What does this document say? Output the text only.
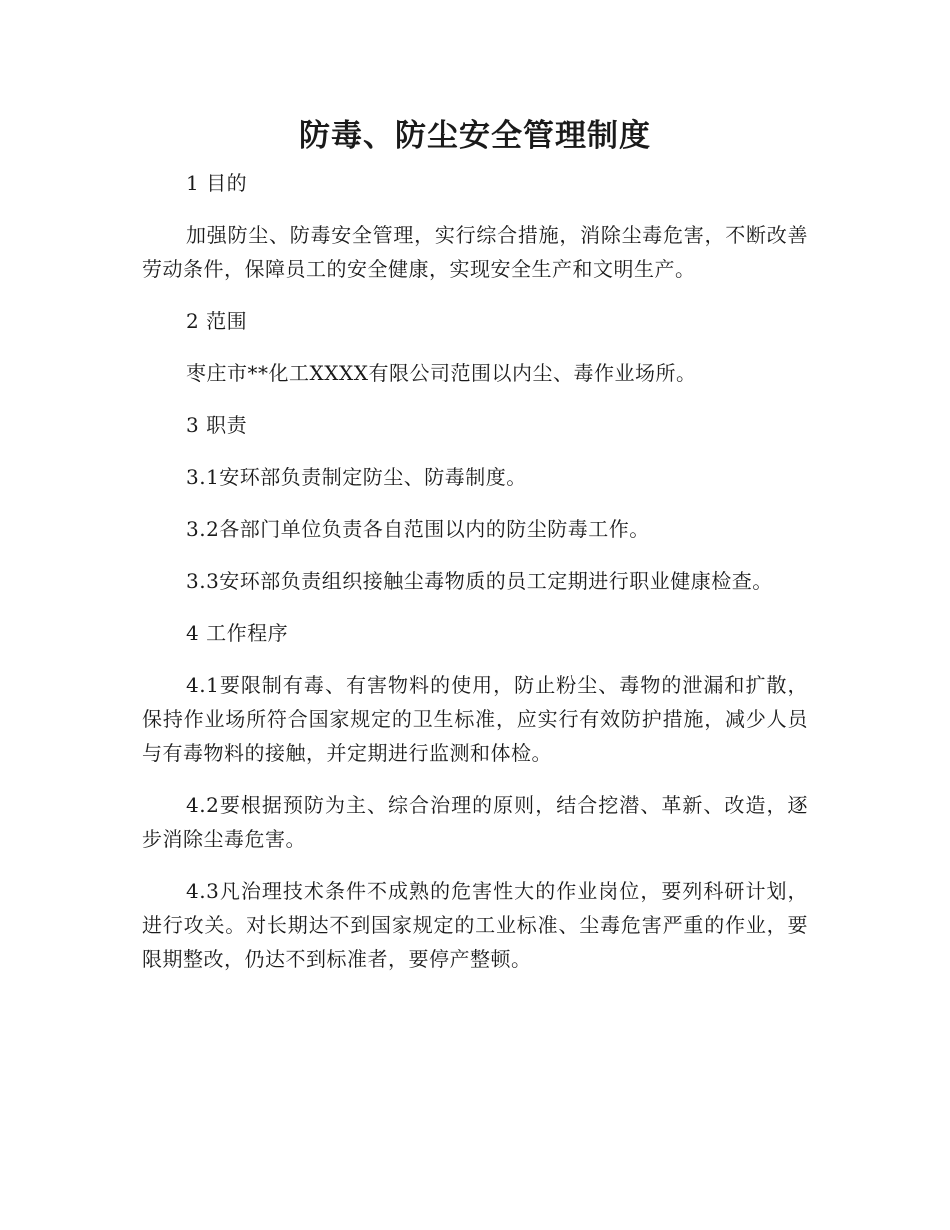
防毒、防尘安全管理制度

1 目的

加强防尘、防毒安全管理，实行综合措施，消除尘毒危害，不断改善劳动条件，保障员工的安全健康，实现安全生产和文明生产。

2 范围

枣庄市**化工XXXX有限公司范围以内尘、毒作业场所。

3 职责

3.1安环部负责制定防尘、防毒制度。

3.2各部门单位负责各自范围以内的防尘防毒工作。

3.3安环部负责组织接触尘毒物质的员工定期进行职业健康检查。

4 工作程序

4.1要限制有毒、有害物料的使用，防止粉尘、毒物的泄漏和扩散，保持作业场所符合国家规定的卫生标准，应实行有效防护措施，减少人员与有毒物料的接触，并定期进行监测和体检。

4.2要根据预防为主、综合治理的原则，结合挖潜、革新、改造，逐步消除尘毒危害。

4.3凡治理技术条件不成熟的危害性大的作业岗位，要列科研计划，进行攻关。对长期达不到国家规定的工业标准、尘毒危害严重的作业，要限期整改，仍达不到标准者，要停产整顿。
